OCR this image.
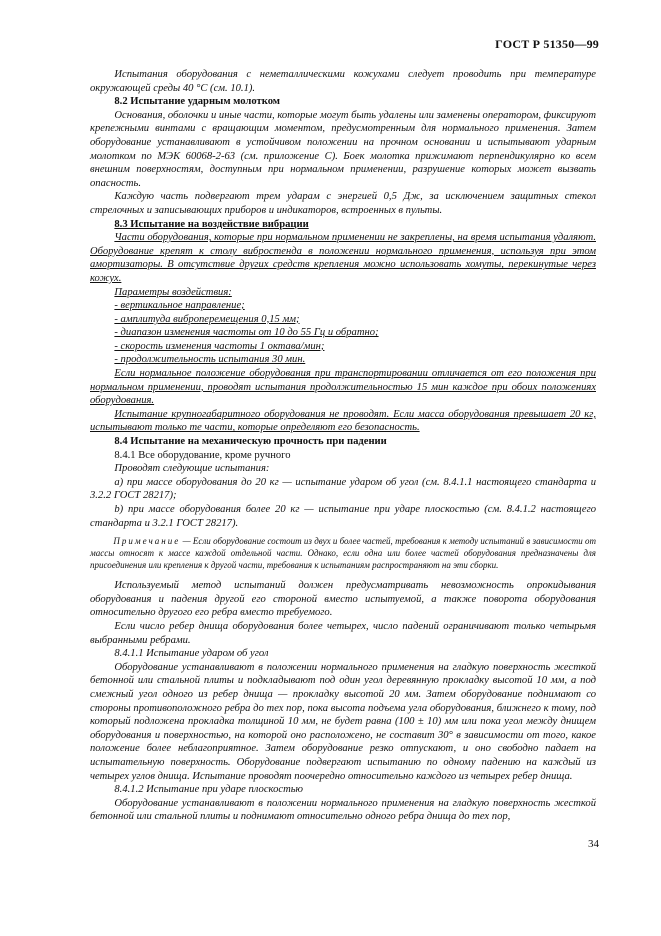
ГОСТ Р 51350—99

Испытания оборудования с неметаллическими кожухами следует проводить при температуре окружающей среды 40 °С (см. 10.1).

8.2 Испытание ударным молотком

Основания, оболочки и иные части, которые могут быть удалены или заменены оператором, фиксируют крепежными винтами с вращающим моментом, предусмотренным для нормального применения. Затем оборудование устанавливают в устойчивом положении на прочном основании и испытывают ударным молотком по МЭК 60068-2-63 (см. приложение С). Боек молотка прижимают перпендикулярно ко всем внешним поверхностям, доступным при нормальном применении, разрушение которых может вызвать опасность.

Каждую часть подвергают трем ударам с энергией 0,5 Дж, за исключением защитных стекол стрелочных и записывающих приборов и индикаторов, встроенных в пульты.

8.3 Испытание на воздействие вибрации

Части оборудования, которые при нормальном применении не закреплены, на время испытания удаляют. Оборудование крепят к столу вибростенда в положении нормального применения, используя при этом амортизаторы. В отсутствие других средств крепления можно использовать хомуты, перекинутые через кожух.

Параметры воздействия:

- вертикальное направление;

- амплитуда виброперемещения 0,15 мм;

- диапазон изменения частоты от 10 до 55 Гц и обратно;

- скорость изменения частоты 1 октава/мин;

- продолжительность испытания 30 мин.

Если нормальное положение оборудования при транспортировании отличается от его положения при нормальном применении, проводят испытания продолжительностью 15 мин каждое при обоих положениях оборудования.

Испытание крупногабаритного оборудования не проводят. Если масса оборудования превышает 20 кг, испытывают только те части, которые определяют его безопасность.

8.4 Испытание на механическую прочность при падении

8.4.1 Все оборудование, кроме ручного

Проводят следующие испытания:

а) при массе оборудования до 20 кг — испытание ударом об угол (см. 8.4.1.1 настоящего стандарта и 3.2.2 ГОСТ 28217);

b) при массе оборудования более 20 кг — испытание при ударе плоскостью (см. 8.4.1.2 настоящего стандарта и 3.2.1 ГОСТ 28217).

Примечание — Если оборудование состоит из двух и более частей, требования к методу испытаний в зависимости от массы относят к массе каждой отдельной части. Однако, если одна или более частей оборудования предназначены для присоединения или крепления к другой части, требования к испытаниям распространяют на эти сборки.

Используемый метод испытаний должен предусматривать невозможность опрокидывания оборудования и падения другой его стороной вместо испытуемой, а также поворота оборудования относительно другого его ребра вместо требуемого.

Если число ребер днища оборудования более четырех, число падений ограничивают только четырьмя выбранными ребрами.

8.4.1.1 Испытание ударом об угол

Оборудование устанавливают в положении нормального применения на гладкую поверхность жесткой бетонной или стальной плиты и подкладывают под один угол деревянную прокладку высотой 10 мм, а под смежный угол одного из ребер днища — прокладку высотой 20 мм. Затем оборудование поднимают со стороны противоположного ребра до тех пор, пока высота подъема угла оборудования, ближнего к тому, под который подложена прокладка толщиной 10 мм, не будет равна (100 ± 10) мм или пока угол между днищем оборудования и поверхностью, на которой оно расположено, не составит 30° в зависимости от того, какое положение более неблагоприятное. Затем оборудование резко отпускают, и оно свободно падает на испытательную поверхность. Оборудование подвергают испытанию по одному падению на каждый из четырех углов днища. Испытание проводят поочередно относительно каждого из четырех ребер днища.

8.4.1.2 Испытание при ударе плоскостью

Оборудование устанавливают в положении нормального применения на гладкую поверхность жесткой бетонной или стальной плиты и поднимают относительно одного ребра днища до тех пор,

34
